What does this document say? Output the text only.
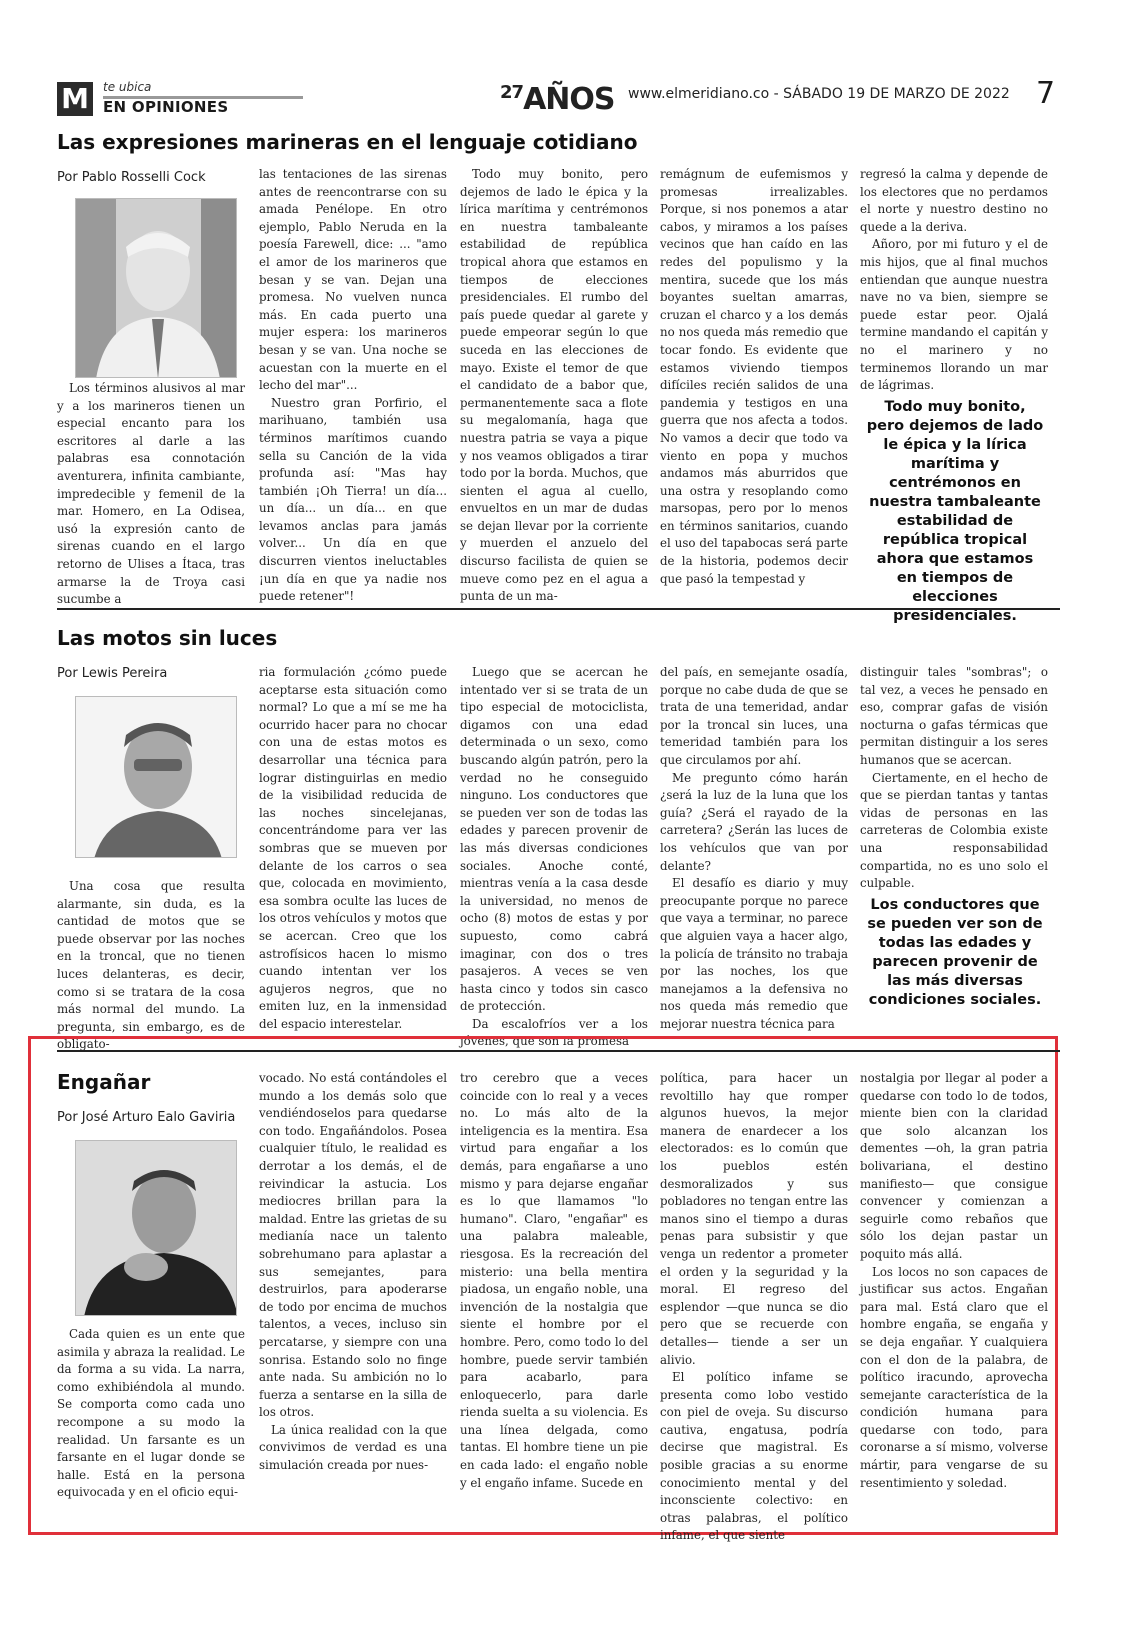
M	te ubica
EN OPINIONES
$^{27}$AÑOS www.elmeridiano.co - SÁBADO 19 DE MARZO DE 2022 7
Las expresiones marineras en el lenguaje cotidiano
Por Pablo Rosselli Cock

Los términos alusivos al mar y a los marineros tienen un especial encanto para los escritores al darle a las palabras esa connotación aventurera, infinita cambiante, impredecible y femenil de la mar. Homero, en La Odisea, usó la expresión canto de sirenas cuando en el largo retorno de Ulises a Ítaca, tras armarse la de Troya casi sucumbe a

las tentaciones de las sirenas antes de reencontrarse con su amada Penélope. En otro ejemplo, Pablo Neruda en la poesía Farewell, dice: ... "amo el amor de los marineros que besan y se van. Dejan una promesa. No vuelven nunca más. En cada puerto una mujer espera: los marineros besan y se van. Una noche se acuestan con la muerte en el lecho del mar"...

Nuestro gran Porfirio, el marihuano, también usa términos marítimos cuando sella su Canción de la vida profunda así: "Mas hay también ¡Oh Tierra! un día... un día... un día... en que levamos anclas para jamás volver... Un día en que discurren vientos ineluctables ¡un día en que ya nadie nos puede retener"!

Todo muy bonito, pero dejemos de lado le épica y la lírica marítima y centrémonos en nuestra tambaleante estabilidad de república tropical ahora que estamos en tiempos de elecciones presidenciales. El rumbo del país puede quedar al garete y puede empeorar según lo que suceda en las elecciones de mayo. Existe el temor de que el candidato de a babor que, permanentemente saca a flote su megalomanía, haga que nuestra patria se vaya a pique y nos veamos obligados a tirar todo por la borda. Muchos, que sienten el agua al cuello, envueltos en un mar de dudas se dejan llevar por la corriente y muerden el anzuelo del discurso facilista de quien se mueve como pez en el agua a punta de un ma-

remágnum de eufemismos y promesas irrealizables. Porque, si nos ponemos a atar cabos, y miramos a los países vecinos que han caído en las redes del populismo y la mentira, sucede que los más boyantes sueltan amarras, cruzan el charco y a los demás no nos queda más remedio que tocar fondo. Es evidente que estamos viviendo tiempos difíciles recién salidos de una pandemia y testigos en una guerra que nos afecta a todos. No vamos a decir que todo va viento en popa y muchos andamos más aburridos que una ostra y resoplando como marsopas, pero por lo menos en términos sanitarios, cuando el uso del tapabocas será parte de la historia, podemos decir que pasó la tempestad y

regresó la calma y depende de los electores que no perdamos el norte y nuestro destino no quede a la deriva.

Añoro, por mi futuro y el de mis hijos, que al final muchos entiendan que aunque nuestra nave no va bien, siempre se puede estar peor. Ojalá termine mandando el capitán y no el marinero y no terminemos llorando un mar de lágrimas.

Todo muy bonito, pero dejemos de lado le épica y la lírica marítima y centrémonos en nuestra tambaleante estabilidad de república tropical ahora que estamos en tiempos de elecciones presidenciales.
Las motos sin luces
Por Lewis Pereira

Una cosa que resulta alarmante, sin duda, es la cantidad de motos que se puede observar por las noches en la troncal, que no tienen luces delanteras, es decir, como si se tratara de la cosa más normal del mundo. La pregunta, sin embargo, es de obligato-

ria formulación ¿cómo puede aceptarse esta situación como normal? Lo que a mí se me ha ocurrido hacer para no chocar con una de estas motos es desarrollar una técnica para lograr distinguirlas en medio de la visibilidad reducida de las noches sincelejanas, concentrándome para ver las sombras que se mueven por delante de los carros o sea que, colocada en movimiento, esa sombra oculte las luces de los otros vehículos y motos que se acercan. Creo que los astrofísicos hacen lo mismo cuando intentan ver los agujeros negros, que no emiten luz, en la inmensidad del espacio interestelar.

Luego que se acercan he intentado ver si se trata de un tipo especial de motociclista, digamos con una edad determinada o un sexo, como buscando algún patrón, pero la verdad no he conseguido ninguno. Los conductores que se pueden ver son de todas las edades y parecen provenir de las más diversas condiciones sociales. Anoche conté, mientras venía a la casa desde la universidad, no menos de ocho (8) motos de estas y por supuesto, como cabrá imaginar, con dos o tres pasajeros. A veces se ven hasta cinco y todos sin casco de protección.

Da escalofríos ver a los jóvenes, que son la promesa

del país, en semejante osadía, porque no cabe duda de que se trata de una temeridad, andar por la troncal sin luces, una temeridad también para los que circulamos por ahí.

Me pregunto cómo harán ¿será la luz de la luna que los guía? ¿Será el rayado de la carretera? ¿Serán las luces de los vehículos que van por delante?

El desafío es diario y muy preocupante porque no parece que vaya a terminar, no parece que alguien vaya a hacer algo, la policía de tránsito no trabaja por las noches, los que manejamos a la defensiva no nos queda más remedio que mejorar nuestra técnica para

distinguir tales "sombras"; o tal vez, a veces he pensado en eso, comprar gafas de visión nocturna o gafas térmicas que permitan distinguir a los seres humanos que se acercan.

Ciertamente, en el hecho de que se pierdan tantas y tantas vidas de personas en las carreteras de Colombia existe una responsabilidad compartida, no es uno solo el culpable.

Los conductores que se pueden ver son de todas las edades y parecen provenir de las más diversas condiciones sociales.
Engañar
Por José Arturo Ealo Gaviria

Cada quien es un ente que asimila y abraza la realidad. Le da forma a su vida. La narra, como exhibiéndola al mundo. Se comporta como cada uno recompone a su modo la realidad. Un farsante es un farsante en el lugar donde se halle. Está en la persona equivocada y en el oficio equi-

vocado. No está contándoles el mundo a los demás solo que vendiéndoselos para quedarse con todo. Engañándolos. Posea cualquier título, le realidad es derrotar a los demás, el de reivindicar la astucia. Los mediocres brillan para la maldad. Entre las grietas de su medianía nace un talento sobrehumano para aplastar a sus semejantes, para destruirlos, para apoderarse de todo por encima de muchos talentos, a veces, incluso sin percatarse, y siempre con una sonrisa. Estando solo no finge ante nada. Su ambición no lo fuerza a sentarse en la silla de los otros.

La única realidad con la que convivimos de verdad es una simulación creada por nues-

tro cerebro que a veces coincide con lo real y a veces no. Lo más alto de la inteligencia es la mentira. Esa virtud para engañar a los demás, para engañarse a uno mismo y para dejarse engañar es lo que llamamos "lo humano". Claro, "engañar" es una palabra maleable, riesgosa. Es la recreación del misterio: una bella mentira piadosa, un engaño noble, una invención de la nostalgia que siente el hombre por el hombre. Pero, como todo lo del hombre, puede servir también para acabarlo, para enloquecerlo, para darle rienda suelta a su violencia. Es una línea delgada, como tantas. El hombre tiene un pie en cada lado: el engaño noble y el engaño infame. Sucede en

política, para hacer un revoltillo hay que romper algunos huevos, la mejor manera de enardecer a los electorados: es lo común que los pueblos estén desmoralizados y sus pobladores no tengan entre las manos sino el tiempo a duras penas para subsistir y que venga un redentor a prometer el orden y la seguridad y la moral. El regreso del esplendor —que nunca se dio pero que se recuerde con detalles— tiende a ser un alivio.

El político infame se presenta como lobo vestido con piel de oveja. Su discurso cautiva, engatusa, podría decirse que magistral. Es posible gracias a su enorme conocimiento mental y del inconsciente colectivo: en otras palabras, el político infame, el que siente

nostalgia por llegar al poder a quedarse con todo lo de todos, miente bien con la claridad que solo alcanzan los dementes —oh, la gran patria bolivariana, el destino manifiesto— que consigue convencer y comienzan a seguirle como rebaños que sólo los dejan pastar un poquito más allá.

Los locos no son capaces de justificar sus actos. Engañan para mal. Está claro que el hombre engaña, se engaña y se deja engañar. Y cualquiera con el don de la palabra, de político iracundo, aprovecha semejante característica de la condición humana para quedarse con todo, para coronarse a sí mismo, volverse mártir, para vengarse de su resentimiento y soledad.
